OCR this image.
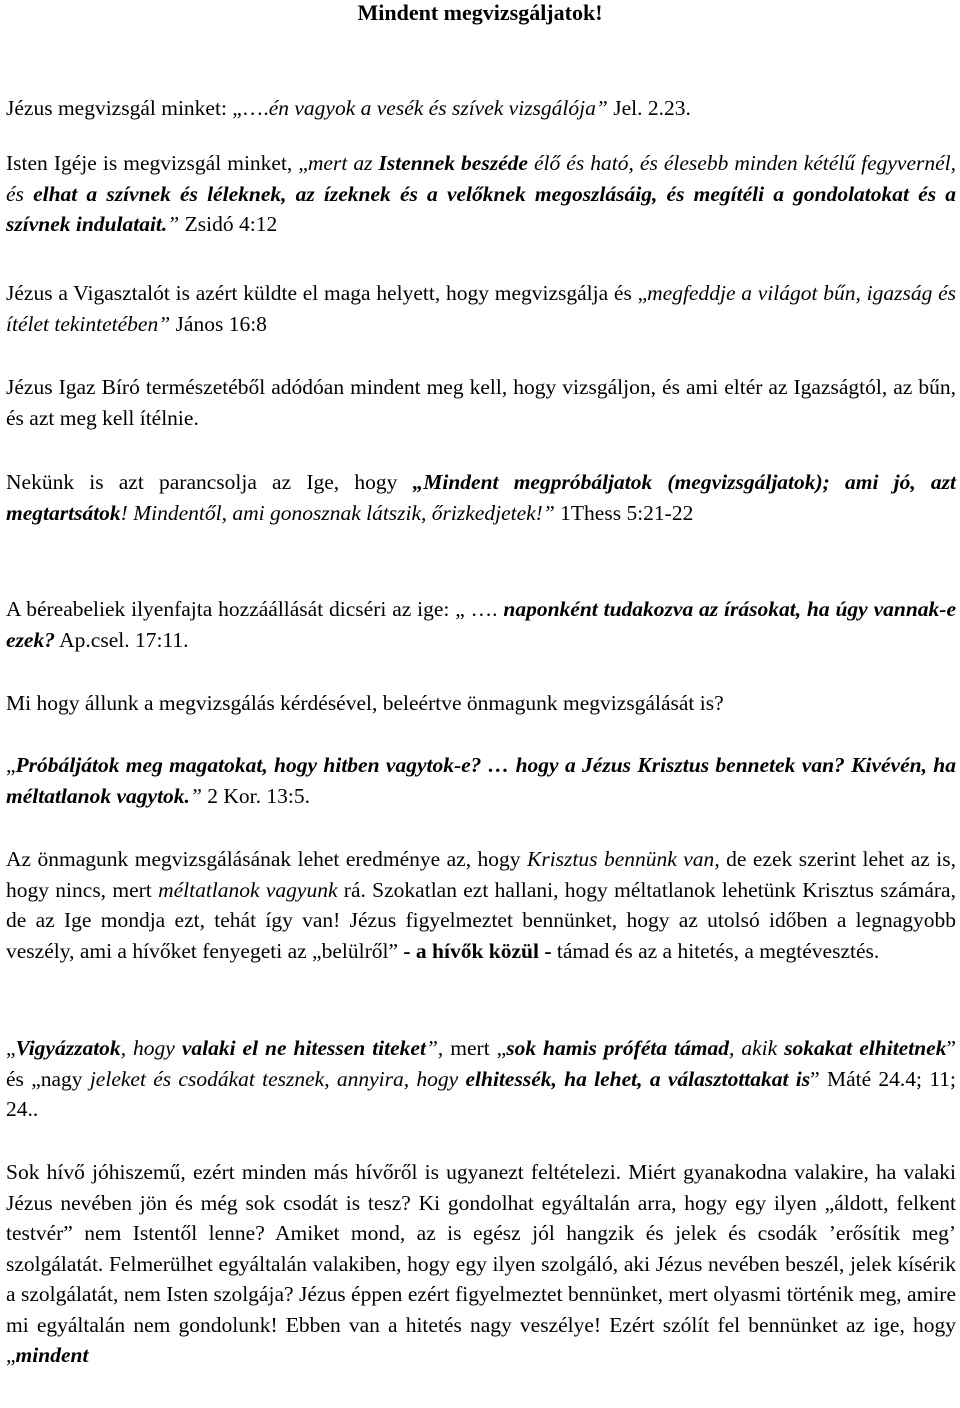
Mindent megvizsgáljatok!

Jézus megvizsgál minket: „….én vagyok a vesék és szívek vizsgálója” Jel. 2.23.

Isten Igéje is megvizsgál minket, „mert az Istennek beszéde élő és ható, és élesebb minden kétélű fegyvernél, és elhat a szívnek és léleknek, az ízeknek és a velőknek megoszlásáig, és megítéli a gondolatokat és a szívnek indulatait.” Zsidó 4:12

Jézus a Vigasztalót is azért küldte el maga helyett, hogy megvizsgálja és „megfeddje a világot bűn, igazság és ítélet tekintetében” János 16:8

Jézus Igaz Bíró természetéből adódóan mindent meg kell, hogy vizsgáljon, és ami eltér az Igazságtól, az bűn, és azt meg kell ítélnie.

Nekünk is azt parancsolja az Ige, hogy „Mindent megpróbáljatok (megvizsgáljatok); ami jó, azt megtartsátok! Mindentől, ami gonosznak látszik, őrizkedjetek!” 1Thess 5:21-22

A béreabeliek ilyenfajta hozzáállását dicséri az ige: „ …. naponként tudakozva az írásokat, ha úgy vannak-e ezek? Ap.csel. 17:11.

Mi hogy állunk a megvizsgálás kérdésével, beleértve önmagunk megvizsgálását is?

„Próbáljátok meg magatokat, hogy hitben vagytok-e? … hogy a Jézus Krisztus bennetek van? Kivévén, ha méltatlanok vagytok.” 2 Kor. 13:5.

Az önmagunk megvizsgálásának lehet eredménye az, hogy Krisztus bennünk van, de ezek szerint lehet az is, hogy nincs, mert méltatlanok vagyunk rá. Szokatlan ezt hallani, hogy méltatlanok lehetünk Krisztus számára, de az Ige mondja ezt, tehát így van! Jézus figyelmeztet bennünket, hogy az utolsó időben a legnagyobb veszély, ami a hívőket fenyegeti az „belülről” - a hívők közül - támad és az a hitetés, a megtévesztés.

„Vigyázzatok, hogy valaki el ne hitessen titeket”, mert „sok hamis próféta támad, akik sokakat elhitetnek” és „nagy jeleket és csodákat tesznek, annyira, hogy elhitessék, ha lehet, a választottakat is” Máté 24.4; 11; 24..

Sok hívő jóhiszemű, ezért minden más hívőről is ugyanezt feltételezi. Miért gyanakodna valakire, ha valaki Jézus nevében jön és még sok csodát is tesz? Ki gondolhat egyáltalán arra, hogy egy ilyen „áldott, felkent testvér” nem Istentől lenne? Amiket mond, az is egész jól hangzik és jelek és csodák ’erősítik meg’ szolgálatát. Felmerülhet egyáltalán valakiben, hogy egy ilyen szolgáló, aki Jézus nevében beszél, jelek kísérik a szolgálatát, nem Isten szolgája? Jézus éppen ezért figyelmeztet bennünket, mert olyasmi történik meg, amire mi egyáltalán nem gondolunk! Ebben van a hitetés nagy veszélye! Ezért szólít fel bennünket az ige, hogy „mindent
